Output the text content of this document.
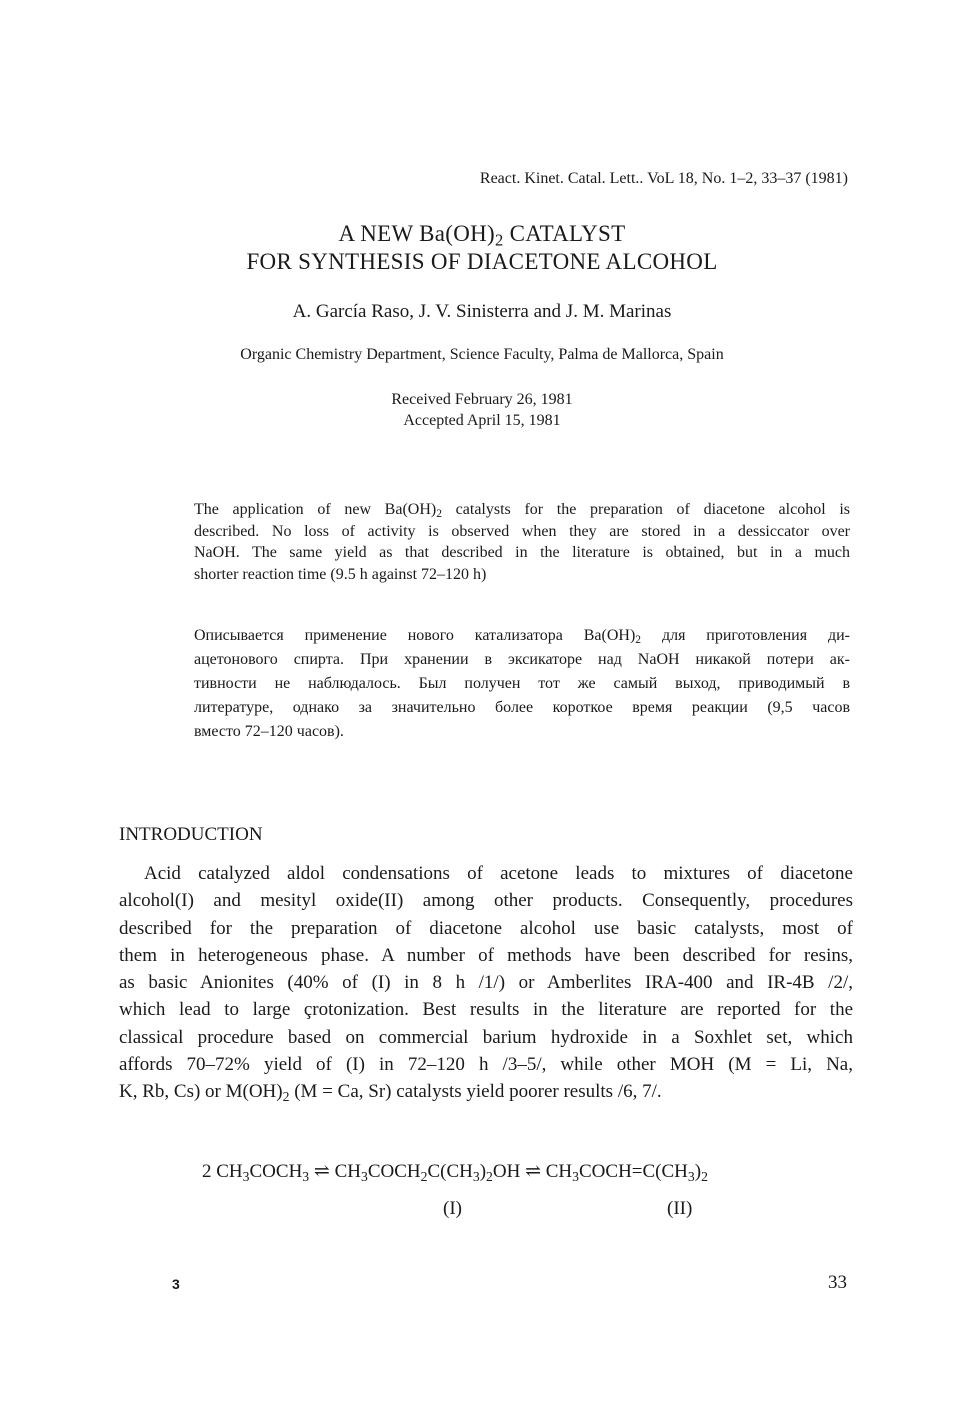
React. Kinet. Catal. Lett.. VoL 18, No. 1–2, 33–37 (1981)
A NEW $Ba(OH)_2$ CATALYST
FOR SYNTHESIS OF DIACETONE ALCOHOL
A. García Raso, J. V. Sinisterra and J. M. Marinas
Organic Chemistry Department, Science Faculty, Palma de Mallorca, Spain
Received February 26, 1981
Accepted April 15, 1981
The application of new $Ba(OH)_2$ catalysts for the preparation of diacetone alcohol is
described. No loss of activity is observed when they are stored in a dessiccator over
NaOH. The same yield as that described in the literature is obtained, but in a much
shorter reaction time (9.5 h against 72–120 h)
Описывается применение нового катализатора $Ba(OH)_2$ для приготовления ди-
ацетонового спирта. При хранении в эксикаторе над NaOH никакой потери ак-
тивности не наблюдалось. Был получен тот же самый выход, приводимый в
литературе, однако за значительно более короткое время реакции (9,5 часов
вместо 72–120 часов).
INTRODUCTION
Acid catalyzed aldol condensations of acetone leads to mixtures of diacetone
alcohol(I) and mesityl oxide(II) among other products. Consequently, procedures
described for the preparation of diacetone alcohol use basic catalysts, most of
them in heterogeneous phase. A number of methods have been described for resins,
as basic Anionites (40% of (I) in 8 h /1/) or Amberlites IRA-400 and IR-4B /2/,
which lead to large çrotonization. Best results in the literature are reported for the
classical procedure based on commercial barium hydroxide in a Soxhlet set, which
affords 70–72% yield of (I) in 72–120 h /3–5/, while other MOH (M = Li, Na,
K, Rb, Cs) or $M(OH)_2$ (M = Ca, Sr) catalysts yield poorer results /6, 7/.
2 $CH_3COCH_3$ ⇌ $CH_3COCH_2C(CH_3)_2OH$ ⇌ $CH_3COCH=C(CH_3)_2$
(I)	(II)
3	33
